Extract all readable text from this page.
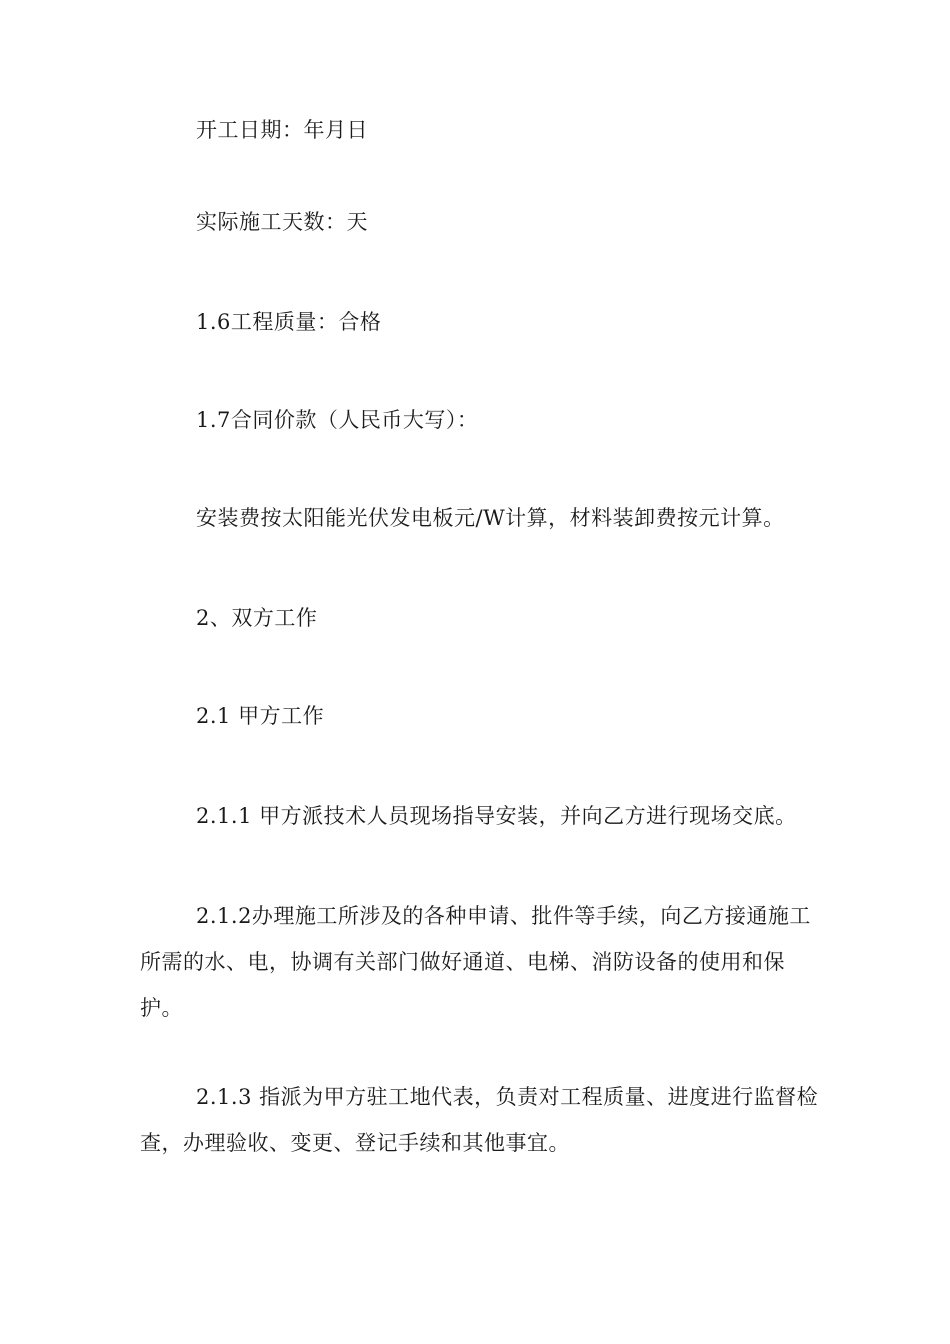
开工日期：年月日
实际施工天数：天
1.6工程质量：合格
1.7合同价款（人民币大写）：
安装费按太阳能光伏发电板元/W计算，材料装卸费按元计算。
2、双方工作
2.1 甲方工作
2.1.1 甲方派技术人员现场指导安装，并向乙方进行现场交底。
2.1.2办理施工所涉及的各种申请、批件等手续，向乙方接通施工所需的水、电，协调有关部门做好通道、电梯、消防设备的使用和保护。
2.1.3 指派为甲方驻工地代表，负责对工程质量、进度进行监督检查，办理验收、变更、登记手续和其他事宜。
